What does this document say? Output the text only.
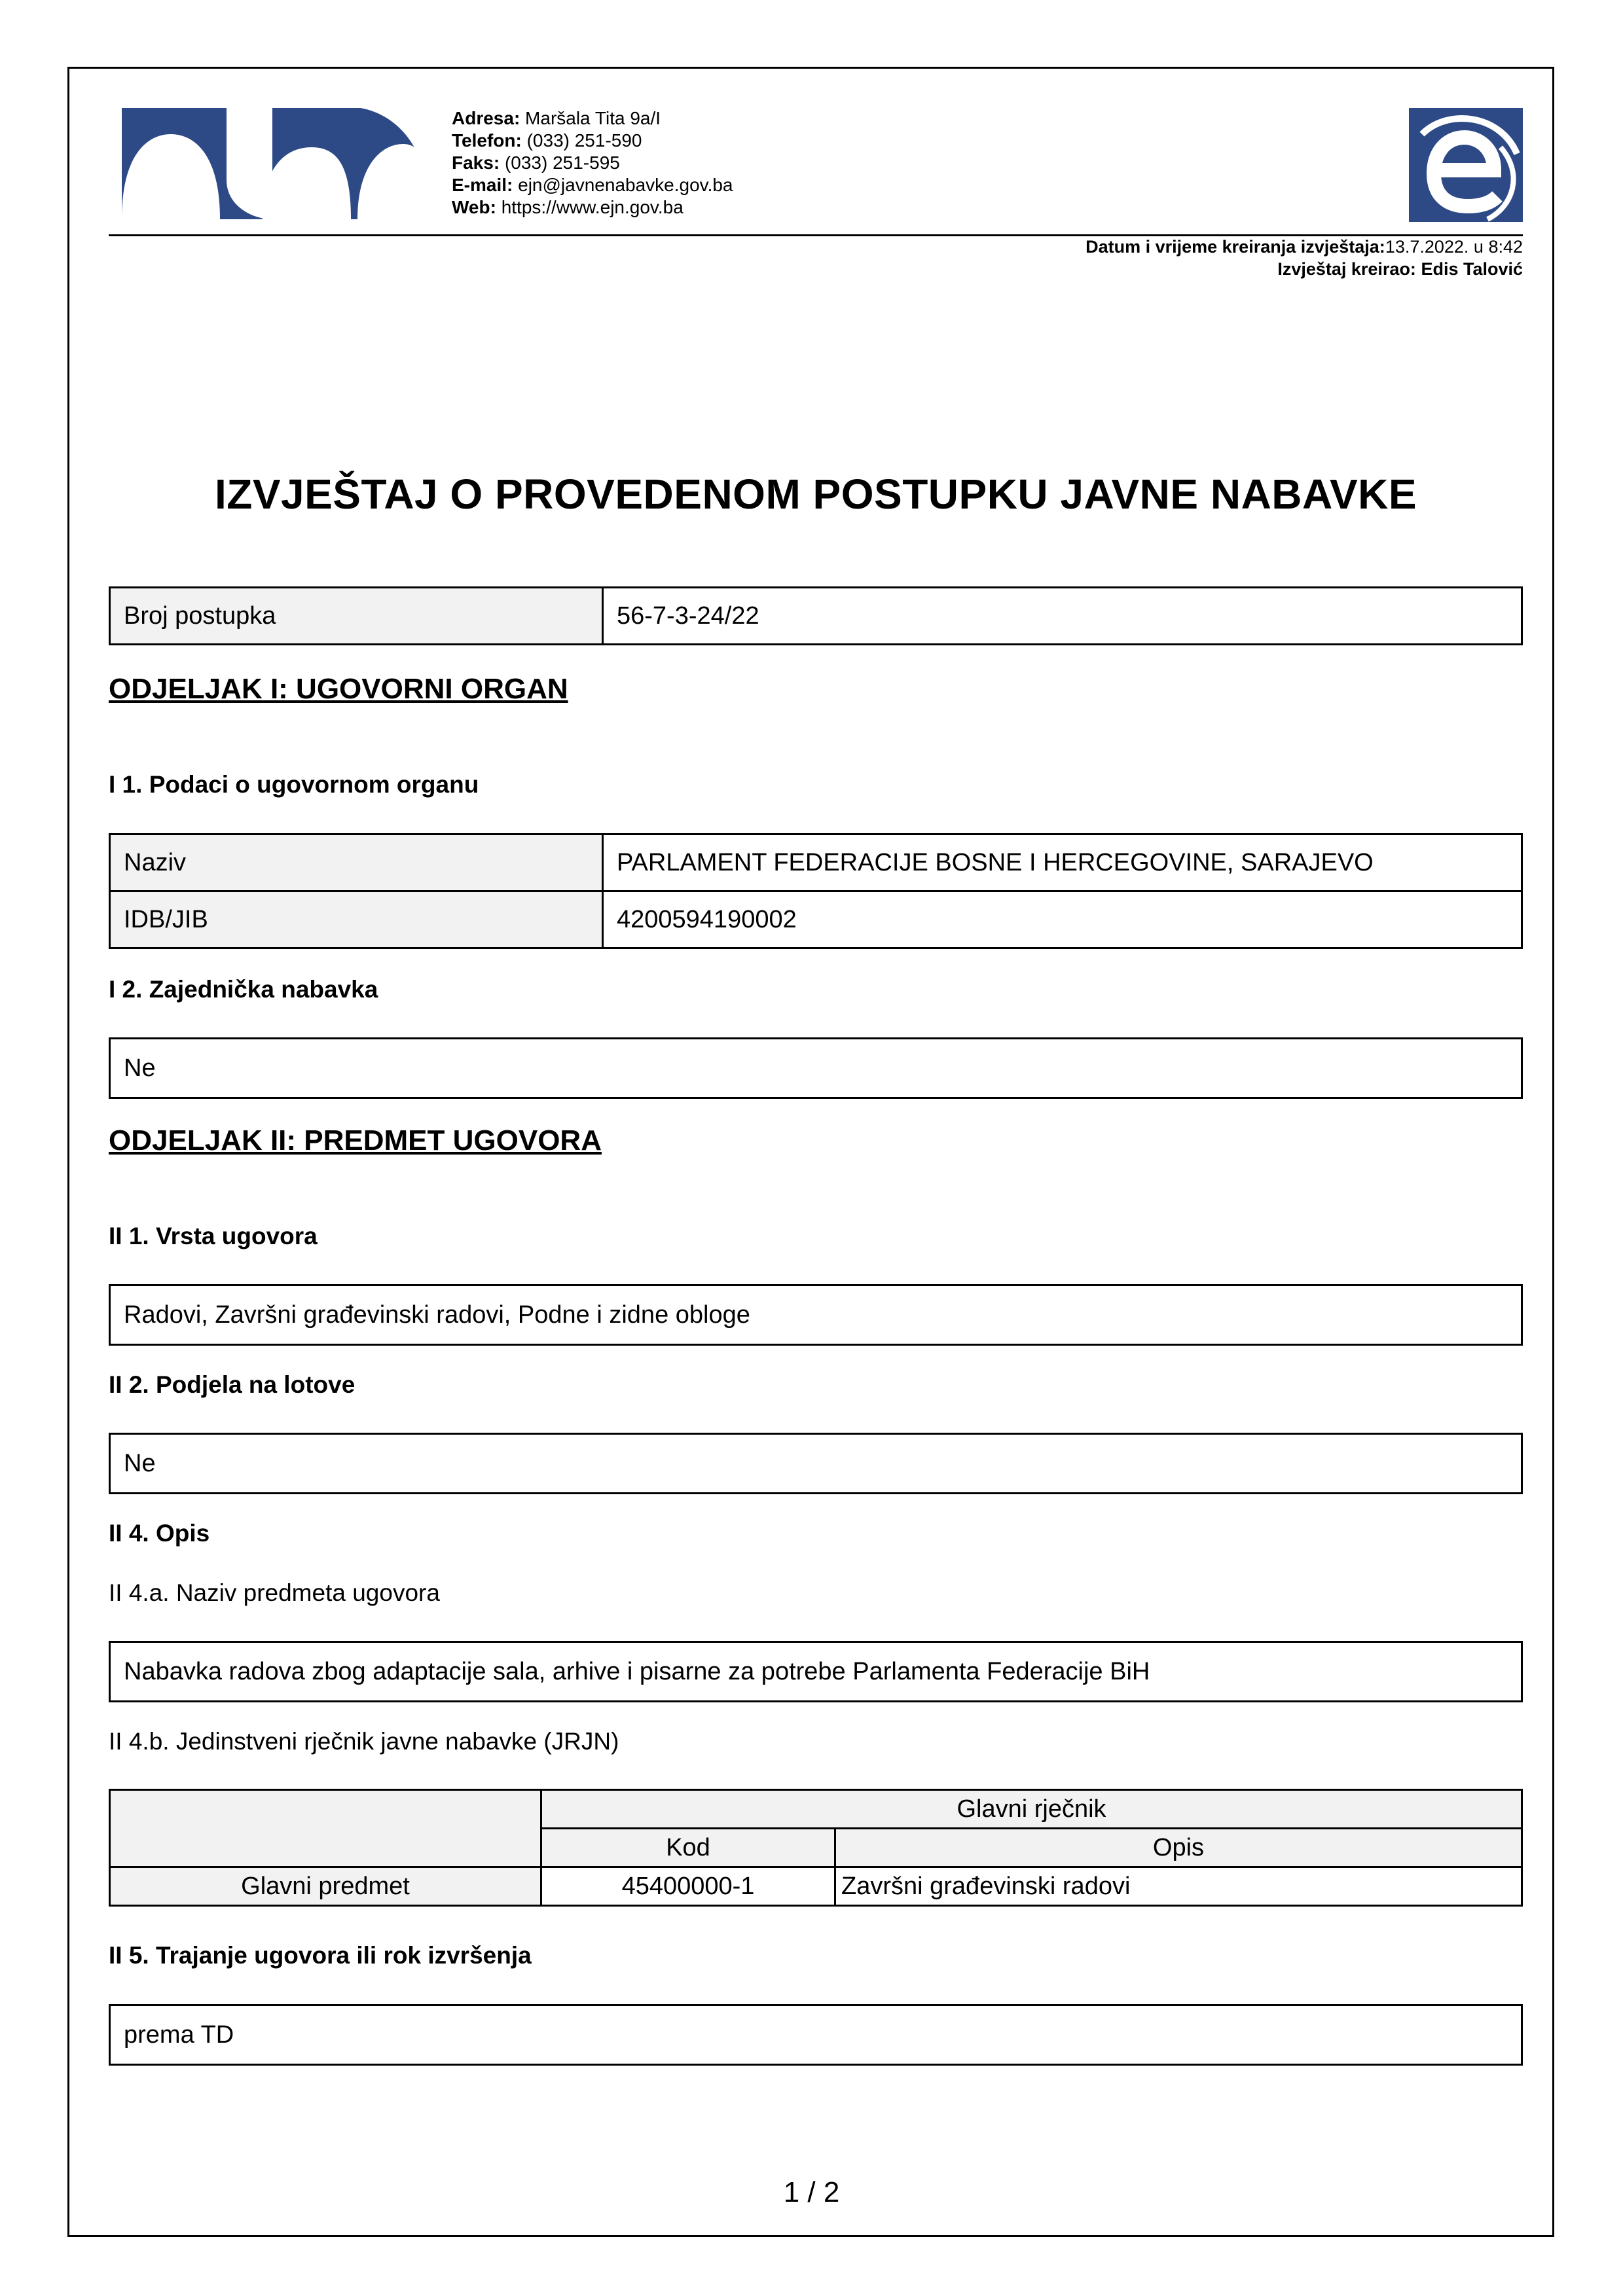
Adresa: Maršala Tita 9a/I
Telefon: (033) 251-590
Faks: (033) 251-595
E-mail: ejn@javnenabavke.gov.ba
Web: https://www.ejn.gov.ba
Datum i vrijeme kreiranja izvještaja:13.7.2022. u 8:42
Izvještaj kreirao: Edis Talović
IZVJEŠTAJ O PROVEDENOM POSTUPKU JAVNE NABAVKE
Broj postupka	56-7-3-24/22
ODJELJAK I: UGOVORNI ORGAN
I 1. Podaci o ugovornom organu
Naziv	PARLAMENT FEDERACIJE BOSNE I HERCEGOVINE, SARAJEVO
IDB/JIB	4200594190002
I 2. Zajednička nabavka
Ne
ODJELJAK II: PREDMET UGOVORA
II 1. Vrsta ugovora
Radovi, Završni građevinski radovi, Podne i zidne obloge
II 2. Podjela na lotove
Ne
II 4. Opis
II 4.a. Naziv predmeta ugovora
Nabavka radova zbog adaptacije sala, arhive i pisarne za potrebe Parlamenta Federacije BiH
II 4.b. Jedinstveni rječnik javne nabavke (JRJN)
	Glavni rječnik	
	Kod	Opis
Glavni predmet	45400000-1	Završni građevinski radovi
II 5. Trajanje ugovora ili rok izvršenja
prema TD
1 / 2
